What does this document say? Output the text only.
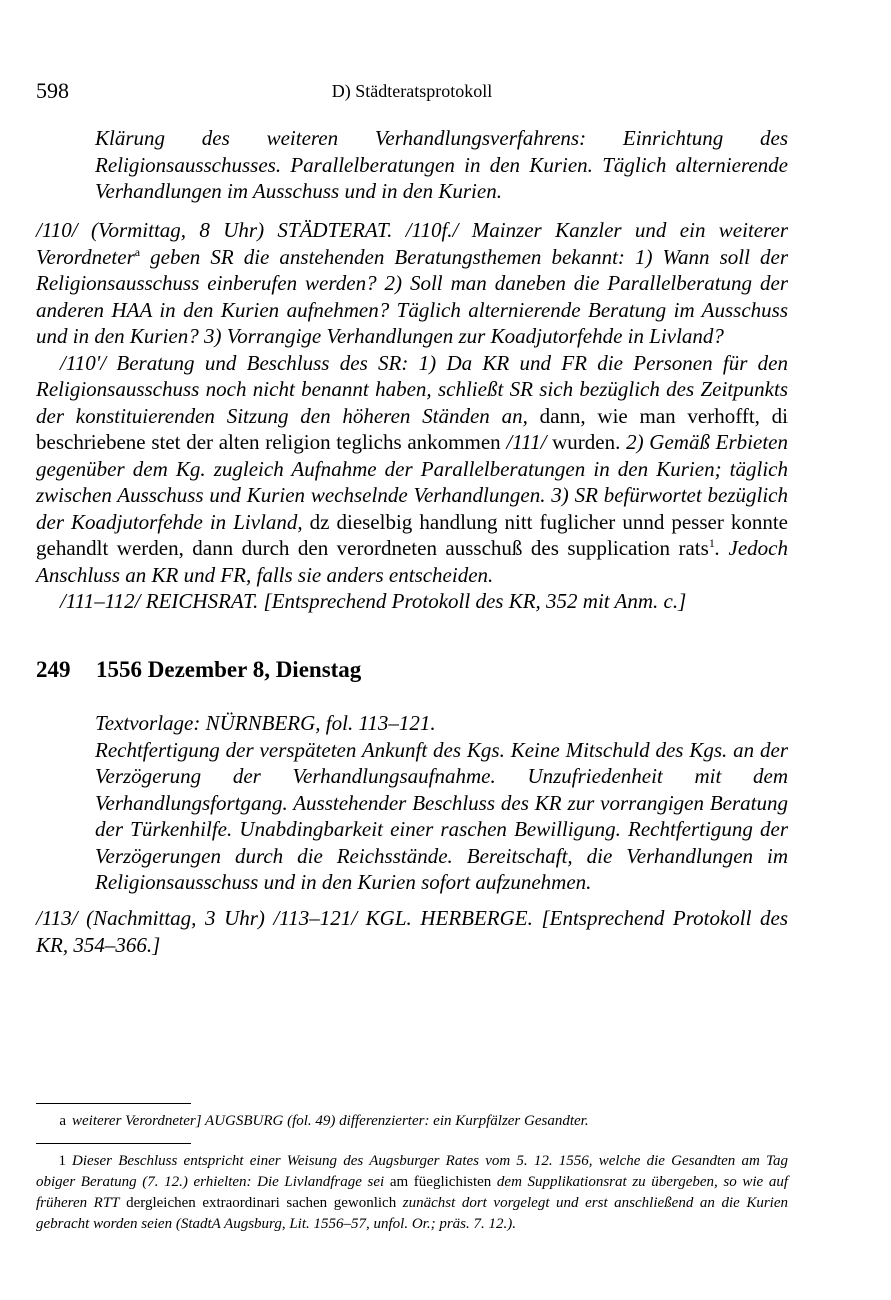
598	D) Städteratsprotokoll
Klärung des weiteren Verhandlungsverfahrens: Einrichtung des Religionsausschusses. Parallelberatungen in den Kurien. Täglich alternierende Verhandlungen im Ausschuss und in den Kurien.
/110/ (Vormittag, 8 Uhr) STÄDTERAT. /110f./ Mainzer Kanzler und ein weiterer Verordneter$^a$ geben SR die anstehenden Beratungsthemen bekannt: 1) Wann soll der Religionsausschuss einberufen werden? 2) Soll man daneben die Parallelberatung der anderen HAA in den Kurien aufnehmen? Täglich alternierende Beratung im Ausschuss und in den Kurien? 3) Vorrangige Verhandlungen zur Koadjutorfehde in Livland?
/110'/ Beratung und Beschluss des SR: 1) Da KR und FR die Personen für den Religionsausschuss noch nicht benannt haben, schließt SR sich bezüglich des Zeitpunkts der konstituierenden Sitzung den höheren Ständen an, dann, wie man verhofft, di beschriebene stet der alten religion teglichs ankommen /111/ wurden. 2) Gemäß Erbieten gegenüber dem Kg. zugleich Aufnahme der Parallelberatungen in den Kurien; täglich zwischen Ausschuss und Kurien wechselnde Verhandlungen. 3) SR befürwortet bezüglich der Koadjutorfehde in Livland, dz dieselbig handlung nitt fuglicher unnd pesser konnte gehandlt werden, dann durch den verordneten ausschuß des supplication rats$^1$. Jedoch Anschluss an KR und FR, falls sie anders entscheiden.
/111–112/ REICHSRAT. [Entsprechend Protokoll des KR, 352 mit Anm. c.]
249 1556 Dezember 8, Dienstag
Textvorlage: NÜRNBERG, fol. 113–121.
Rechtfertigung der verspäteten Ankunft des Kgs. Keine Mitschuld des Kgs. an der Verzögerung der Verhandlungsaufnahme. Unzufriedenheit mit dem Verhandlungsfortgang. Ausstehender Beschluss des KR zur vorrangigen Beratung der Türkenhilfe. Unabdingbarkeit einer raschen Bewilligung. Rechtfertigung der Verzögerungen durch die Reichsstände. Bereitschaft, die Verhandlungen im Religionsausschuss und in den Kurien sofort aufzunehmen.
/113/ (Nachmittag, 3 Uhr) /113–121/ KGL. HERBERGE. [Entsprechend Protokoll des KR, 354–366.]
a weiterer Verordneter] AUGSBURG (fol. 49) differenzierter: ein Kurpfälzer Gesandter.
1 Dieser Beschluss entspricht einer Weisung des Augsburger Rates vom 5. 12. 1556, welche die Gesandten am Tag obiger Beratung (7. 12.) erhielten: Die Livlandfrage sei am füeglichisten dem Supplikationsrat zu übergeben, so wie auf früheren RTT dergleichen extraordinari sachen gewonlich zunächst dort vorgelegt und erst anschließend an die Kurien gebracht worden seien (StadtA Augsburg, Lit. 1556–57, unfol. Or.; präs. 7. 12.).
